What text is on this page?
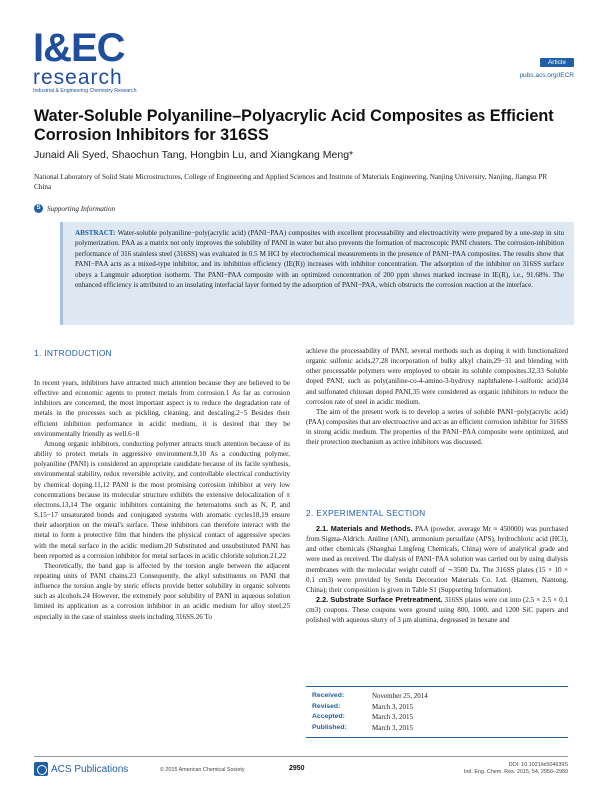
I&EC
research
Industrial & Engineering Chemistry Research
Article
pubs.acs.org/IECR
Water-Soluble Polyaniline–Polyacrylic Acid Composites as Efficient Corrosion Inhibitors for 316SS
Junaid Ali Syed, Shaochun Tang, Hongbin Lu, and Xiangkang Meng*
National Laboratory of Solid State Microstructures, College of Engineering and Applied Sciences and Institute of Materials Engineering, Nanjing University, Nanjing, Jiangsu PR China
S Supporting Information
ABSTRACT: Water-soluble polyaniline−poly(acrylic acid) (PANI−PAA) composites with excellent processability and electroactivity were prepared by a one-step in situ polymerization. PAA as a matrix not only improves the solubility of PANI in water but also prevents the formation of macroscopic PANI clusters. The corrosion-inhibition performance of 316 stainless steel (316SS) was evaluated in 0.5 M HCl by electrochemical measurements in the presence of PANI−PAA composites. The results show that PANI−PAA acts as a mixed-type inhibitor, and its inhibition efficiency (IE(R)) increases with inhibitor concentration. The adsorption of the inhibitor on 316SS surface obeys a Langmuir adsorption isotherm. The PANI−PAA composite with an optimized concentration of 200 ppm shows marked increase in IE(R), i.e., 91.68%. The enhanced efficiency is attributed to an insulating interfacial layer formed by the adsorption of PANI−PAA, which obstructs the corrosion reaction at the interface.
1. INTRODUCTION

In recent years, inhibitors have attracted much attention because they are believed to be effective and economic agents to protect metals from corrosion.1 As far as corrosion inhibitors are concerned, the most important aspect is to reduce the degradation rate of metals in the processes such as pickling, cleaning, and descaling.2−5 Besides their efficient inhibition performance in acidic medium, it is desired that they be environmentally friendly as well.6−8

Among organic inhibitors, conducting polymer attracts much attention because of its ability to protect metals in aggressive environment.9,10 As a conducting polymer, polyaniline (PANI) is considered an appropriate candidate because of its facile synthesis, environmental stability, redox reversible activity, and controllable electrical conductivity by chemical doping.11,12 PANI is the most promising corrosion inhibitor at very low concentrations because its molecular structure exhibits the extensive delocalization of π electrons.13,14 The organic inhibitors containing the heteroatoms such as N, P, and S,15−17 unsaturated bonds and conjugated systems with aromatic cycles18,19 ensure their adsorption on the metal's surface. These inhibitors can therefore interact with the metal to form a protective film that hinders the physical contact of aggressive species with the metal surface in the acidic medium.20 Substituted and unsubstituted PANI has been reported as a corrosion inhibitor for metal surfaces in acidic chloride solution.21,22

Theoretically, the band gap is affected by the torsion angle between the adjacent repeating units of PANI chains.23 Consequently, the alkyl substituents on PANI that influence the torsion angle by steric effects provide better solubility in organic solvents such as alcohols.24 However, the extremely poor solubility of PANI in aqueous solution limited its application as a corrosion inhibitor in an acidic medium for alloy steel,25 especially in the case of stainless steels including 316SS.26 To

achieve the processability of PANI, several methods such as doping it with functionalized organic sulfonic acids,27,28 incorporation of bulky alkyl chain,29−31 and blending with other processable polymers were employed to obtain its soluble composites.32,33 Soluble doped PANI, such as poly(aniline-co-4-amino-3-hydroxy naphthalene-1-sulfonic acid)34 and sulfonated chitosan doped PANI,35 were considered as organic inhibitors to reduce the corrosion rate of steel in acidic medium.

The aim of the present work is to develop a series of soluble PANI−poly(acrylic acid) (PAA) composites that are electroactive and act as an efficient corrosion inhibitor for 316SS in strong acidic medium. The properties of the PANI−PAA composite were optimized, and their protection mechanism as active inhibitors was discussed.

2. EXPERIMENTAL SECTION

2.1. Materials and Methods. PAA (powder, average Mr ≈ 450000) was purchased from Sigma-Aldrich. Aniline (ANI), ammonium persulfate (APS), hydrochloric acid (HCl), and other chemicals (Shanghai Lingfeng Chemicals, China) were of analytical grade and were used as received. The dialysis of PANI−PAA solution was carried out by using dialysis membranes with the molecular weight cutoff of ∼3500 Da. The 316SS plates (15 × 10 × 0.1 cm3) were provided by Senda Decoration Materials Co. Ltd. (Haimen, Nantong, China); their composition is given in Table S1 (Supporting Information).

2.2. Substrate Surface Pretreatment. 316SS plates were cut into (2.5 × 2.5 × 0.1 cm3) coupons. These coupons were ground using 800, 1000, and 1200 SiC papers and polished with aqueous slurry of 3 μm alumina, degreased in hexane and

Received:	November 25, 2014
Revised:	March 3, 2015
Accepted:	March 3, 2015
Published:	March 3, 2015
ACS Publications	© 2015 American Chemical Society	2950	DOI: 10.1021/ie504639S
Ind. Eng. Chem. Res. 2015, 54, 2950−2959
